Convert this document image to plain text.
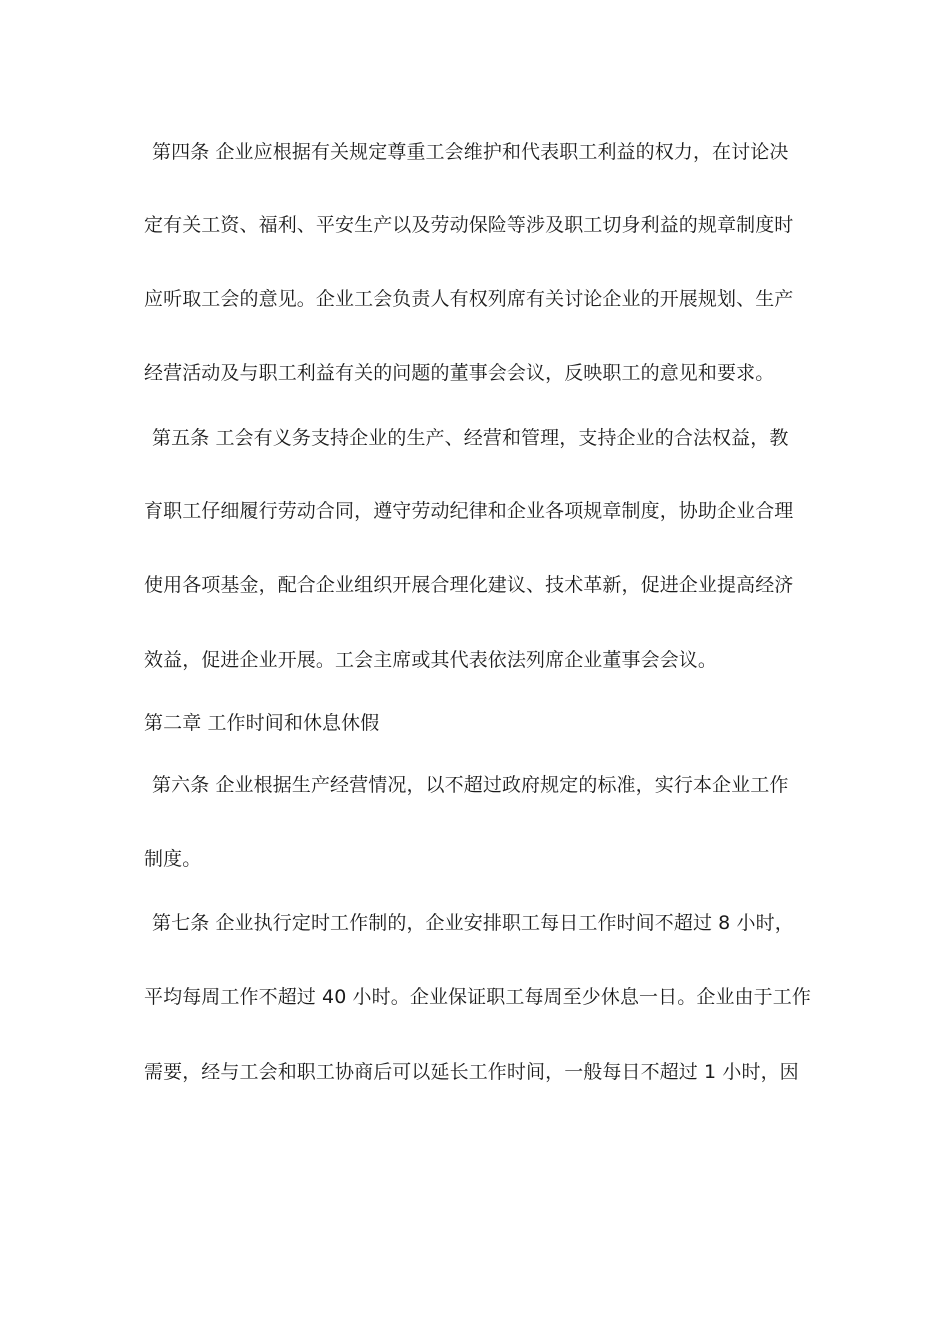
第四条 企业应根据有关规定尊重工会维护和代表职工利益的权力，在讨论决
定有关工资、福利、平安生产以及劳动保险等涉及职工切身利益的规章制度时
应听取工会的意见。企业工会负责人有权列席有关讨论企业的开展规划、生产
经营活动及与职工利益有关的问题的董事会会议，反映职工的意见和要求。
第五条 工会有义务支持企业的生产、经营和管理，支持企业的合法权益，教
育职工仔细履行劳动合同，遵守劳动纪律和企业各项规章制度，协助企业合理
使用各项基金，配合企业组织开展合理化建议、技术革新，促进企业提高经济
效益，促进企业开展。工会主席或其代表依法列席企业董事会会议。
第二章 工作时间和休息休假
第六条 企业根据生产经营情况，以不超过政府规定的标准，实行本企业工作
制度。
第七条 企业执行定时工作制的，企业安排职工每日工作时间不超过 8 小时，
平均每周工作不超过 40 小时。企业保证职工每周至少休息一日。企业由于工作
需要，经与工会和职工协商后可以延长工作时间，一般每日不超过 1 小时，因
